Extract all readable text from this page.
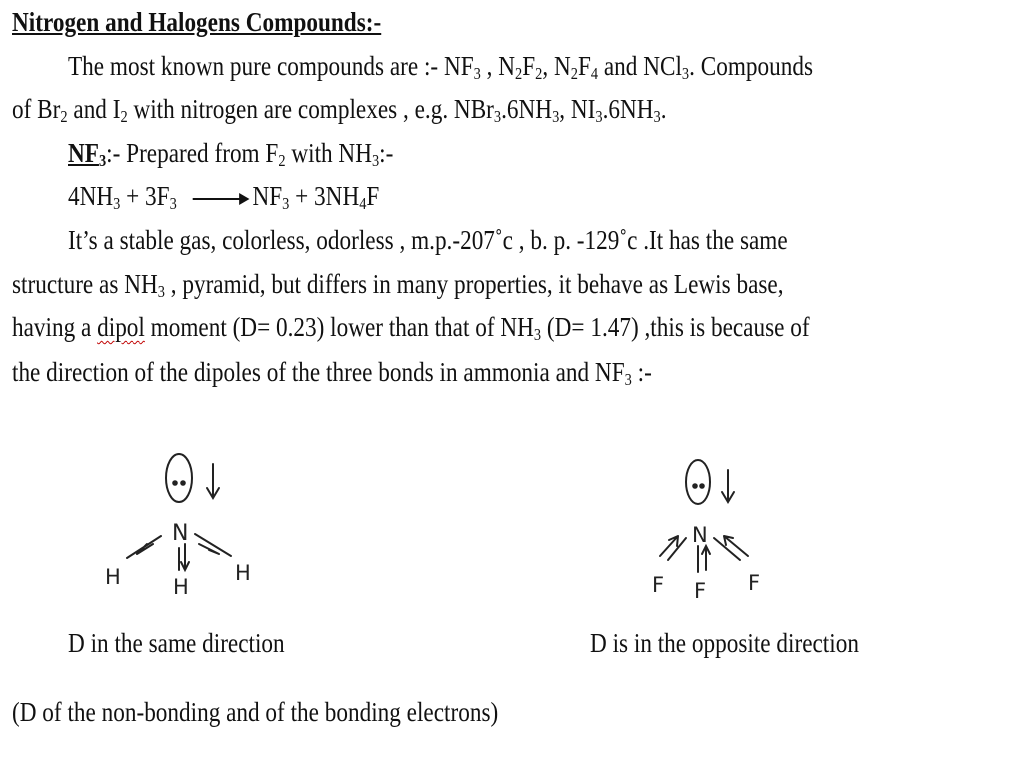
Nitrogen and Halogens Compounds:-
The most known pure compounds are :- $NF_3$ , $N_2F_2$, $N_2F_4$ and NCl$_3$. Compounds
of $Br_2$ and $I_2$ with nitrogen are complexes , e.g. $NBr_3.6NH_3$, $NI_3.6NH_3$.
$NF_3:-$ Prepared from $F_2$ with $NH_3:-$
$4NH_3 + 3F_3$	$NF_3 + 3NH_4F$
It’s a stable gas, colorless, odorless , m.p.-207˚c , b. p. -129˚c .It has the same
structure as $NH_3$ , pyramid, but differs in many properties, it behave as Lewis base,
having a dipol moment (D= 0.23) lower than that of $NH_3$ (D= 1.47) ,this is because of
the direction of the dipoles of the three bonds in ammonia and $NF_3$ :-
N
H H
H
N
F F F
D in the same direction	D is in the opposite direction
(D of the non-bonding and of the bonding electrons)
